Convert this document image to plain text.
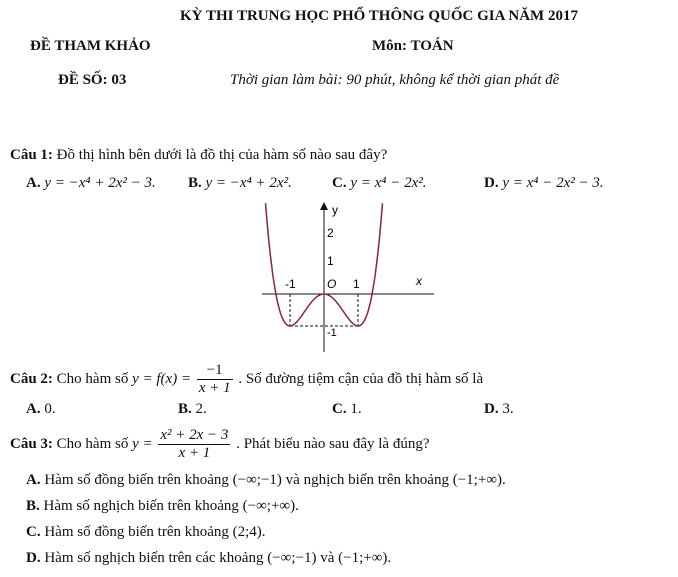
KỲ THI TRUNG HỌC PHỔ THÔNG QUỐC GIA NĂM 2017
ĐỀ THAM KHẢO	Môn: TOÁN
ĐỀ SỐ: 03	Thời gian làm bài: 90 phút, không kể thời gian phát đề
Câu 1: Đồ thị hình bên dưới là đồ thị của hàm số nào sau đây?
A. y = −x⁴ + 2x² − 3. B. y = −x⁴ + 2x².	C. y = x⁴ − 2x².	D. y = x⁴ − 2x² − 3.
y
x
2
1
O
-1	1
-1
Câu 2: Cho hàm số $y = f(x) = \frac{-1}{x + 1}$ . Số đường tiệm cận của đồ thị hàm số là
A. 0.	B. 2.	C. 1.	D. 3.
Câu 3: Cho hàm số $y = \frac{\text{x² + 2x − 3}}{x + 1}$ . Phát biểu nào sau đây là đúng?
A. Hàm số đồng biến trên khoảng (−∞;−1) và nghịch biến trên khoảng (−1;+∞).
B. Hàm số nghịch biến trên khoảng (−∞;+∞).
C. Hàm số đồng biến trên khoảng (2;4).
D. Hàm số nghịch biến trên các khoảng (−∞;−1) và (−1;+∞).
